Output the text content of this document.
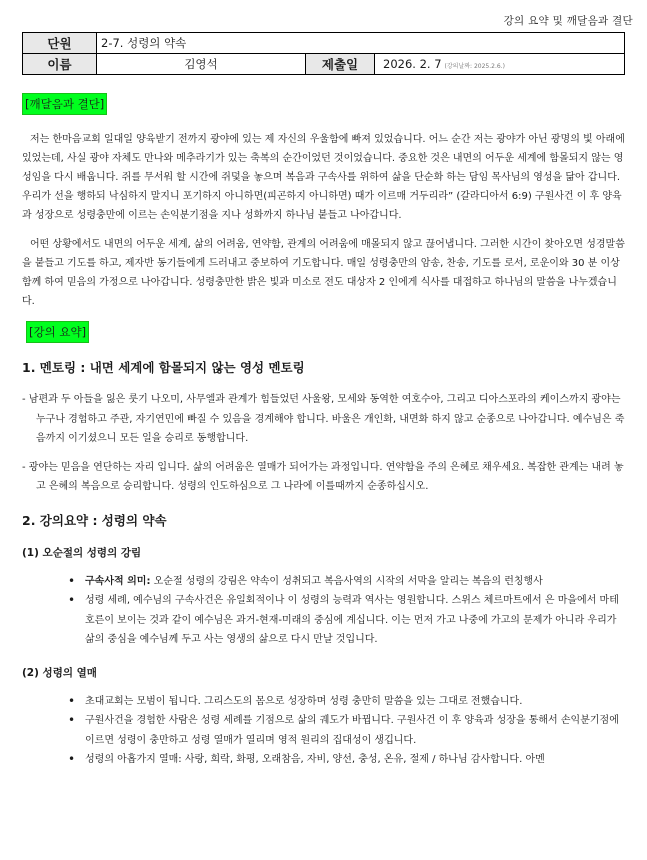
강의 요약 및 깨달음과 결단
단원	2-7. 성령의 약속		
이름	김영석	제출일	2026. 2. 7 (강의날짜: 2025.2.6.)
[깨달음과 결단]

저는 한마음교회 일대일 양육받기 전까지 광야에 있는 제 자신의 우울함에 빠져 있었습니다. 어느 순간 저는 광야가 아닌 광명의 빛 아래에 있었는데, 사실 광야 자체도 만나와 메추라기가 있는 축복의 순간이었던 것이었습니다. 중요한 것은 내면의 어두운 세계에 함몰되지 않는 영성임을 다시 배웁니다. 쥐를 무서워 할 시간에 쥐덫을 놓으며 복음과 구속사를 위하여 삶을 단순화 하는 담임 목사님의 영성을 닮아 갑니다. 우리가 선을 행하되 낙심하지 말지니 포기하지 아니하면(피곤하지 아니하면) 때가 이르매 거두리라” (갈라디아서 6:9) 구원사건 이 후 양육과 성장으로 성령충만에 이르는 손익분기점을 지나 성화까지 하나님 붙들고 나아갑니다.

어떤 상황에서도 내면의 어두운 세계, 삶의 어려움, 연약함, 관계의 어려움에 매몰되지 않고 끊어냅니다. 그러한 시간이 찾아오면 성경말씀을 붙들고 기도를 하고, 제자반 동기들에게 드러내고 중보하여 기도합니다. 매일 성령충만의 암송, 찬송, 기도를 로서, 로운이와 30 분 이상 함께 하여 믿음의 가정으로 나아갑니다. 성령충만한 밝은 빛과 미소로 전도 대상자 2 인에게 식사를 대접하고 하나님의 말씀을 나누겠습니다.

[강의 요약]

1. 멘토링 : 내면 세계에 함몰되지 않는 영성 멘토링

- 남편과 두 아들을 잃은 룻기 나오미, 사무엘과 관계가 힘들었던 사울왕, 모세와 동역한 여호수아, 그리고 디아스포라의 케이스까지 광야는 누구나 경험하고 주관, 자기연민에 빠질 수 있음을 경계해야 합니다. 바울은 개인화, 내면화 하지 않고 순종으로 나아갑니다. 예수님은 죽음까지 이기셨으니 모든 일을 승리로 동행합니다.

- 광야는 믿음을 연단하는 자리 입니다. 삶의 어려움은 열매가 되어가는 과정입니다. 연약함을 주의 은혜로 채우세요. 복잡한 관계는 내려 놓고 은혜의 복음으로 승리합니다. 성령의 인도하심으로 그 나라에 이를때까지 순종하십시오.

2. 강의요약 : 성령의 약속

(1) 오순절의 성령의 강림

• 구속사적 의미: 오순절 성령의 강림은 약속이 성취되고 복음사역의 시작의 서막을 알리는 복음의 런칭행사
• 성령 세례, 예수님의 구속사건은 유일회적이나 이 성령의 능력과 역사는 영원합니다. 스위스 체르마트에서 은 마을에서 마테호른이 보이는 것과 같이 예수님은 과거-현재-미래의 중심에 계십니다. 이는 먼저 가고 나중에 가고의 문제가 아니라 우리가 삶의 중심을 예수님께 두고 사는 영생의 삶으로 다시 만날 것입니다.

(2) 성령의 열매

• 초대교회는 모범이 됩니다. 그리스도의 몸으로 성장하며 성령 충만히 말씀을 있는 그대로 전했습니다.
• 구원사건을 경험한 사람은 성령 세례를 기점으로 삶의 궤도가 바뀝니다. 구원사건 이 후 양육과 성장을 통해서 손익분기점에 이르면 성령이 충만하고 성령 열매가 열리며 영적 원리의 집대성이 생깁니다.
• 성령의 아홉가지 열매: 사랑, 희락, 화평, 오래참음, 자비, 양선, 충성, 온유, 절제 / 하나님 감사합니다. 아멘
